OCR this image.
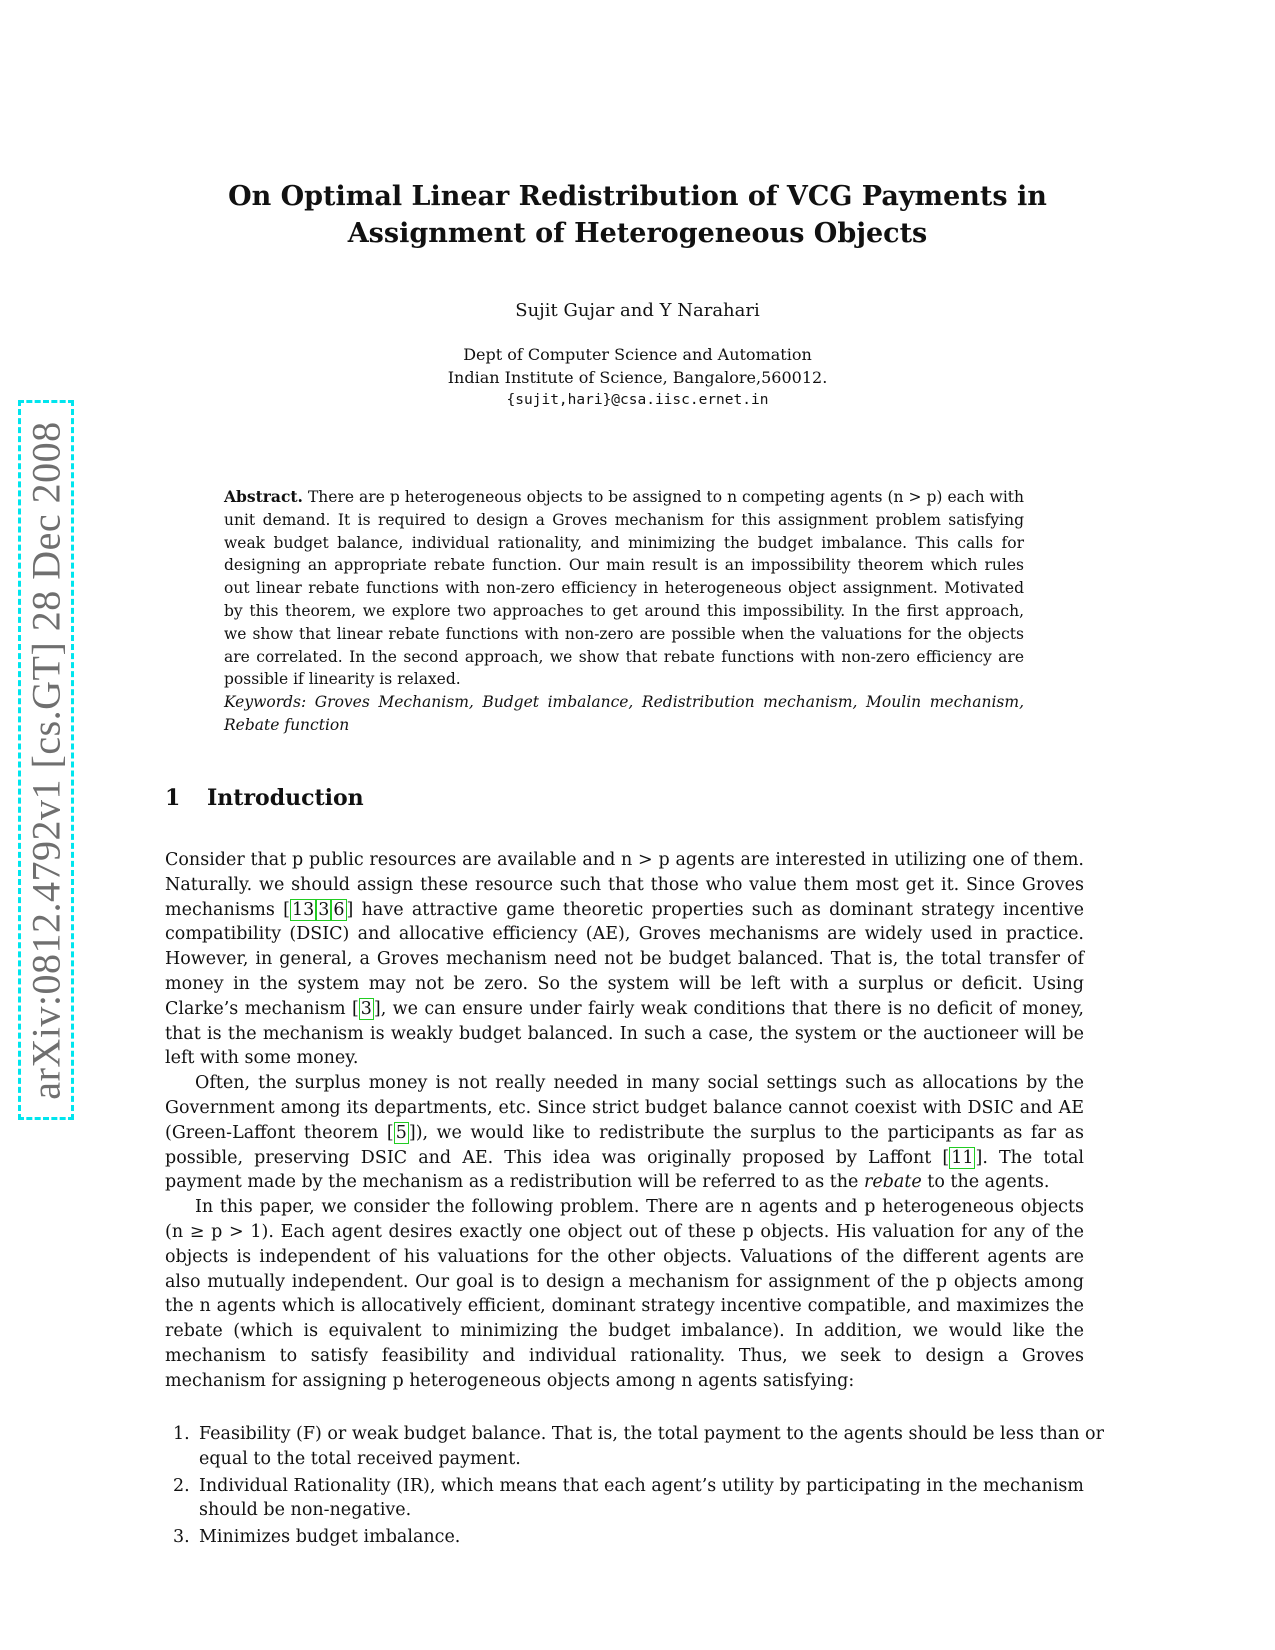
arXiv:0812.4792v1 [cs.GT] 28 Dec 2008
On Optimal Linear Redistribution of VCG Payments in
Assignment of Heterogeneous Objects
Sujit Gujar and Y Narahari
Dept of Computer Science and Automation
Indian Institute of Science, Bangalore,560012.
{sujit,hari}@csa.iisc.ernet.in
Abstract. There are p heterogeneous objects to be assigned to n competing agents (n > p) each with unit demand. It is required to design a Groves mechanism for this assignment problem satisfying weak budget balance, individual rationality, and minimizing the budget imbalance. This calls for designing an appropriate rebate function. Our main result is an impossibility theorem which rules out linear rebate functions with non-zero efficiency in heterogeneous object assignment. Motivated by this theorem, we explore two approaches to get around this impossibility. In the first approach, we show that linear rebate functions with non-zero are possible when the valuations for the objects are correlated. In the second approach, we show that rebate functions with non-zero efficiency are possible if linearity is relaxed.
Keywords: Groves Mechanism, Budget imbalance, Redistribution mechanism, Moulin mechanism, Rebate function
1 Introduction

Consider that p public resources are available and n > p agents are interested in utilizing one of them. Naturally. we should assign these resource such that those who value them most get it. Since Groves mechanisms [ 13 3 6 ] have attractive game theoretic properties such as dominant strategy incentive compatibility (DSIC) and allocative efficiency (AE), Groves mechanisms are widely used in practice. However, in general, a Groves mechanism need not be budget balanced. That is, the total transfer of money in the system may not be zero. So the system will be left with a surplus or deficit. Using Clarke’s mechanism [ 3 ], we can ensure under fairly weak conditions that there is no deficit of money, that is the mechanism is weakly budget balanced. In such a case, the system or the auctioneer will be left with some money.

Often, the surplus money is not really needed in many social settings such as allocations by the Government among its departments, etc. Since strict budget balance cannot coexist with DSIC and AE (Green-Laffont theorem [ 5 ]), we would like to redistribute the surplus to the participants as far as possible, preserving DSIC and AE. This idea was originally proposed by Laffont [ 11 ]. The total payment made by the mechanism as a redistribution will be referred to as the rebate to the agents.

In this paper, we consider the following problem. There are n agents and p heterogeneous objects (n ≥ p > 1). Each agent desires exactly one object out of these p objects. His valuation for any of the objects is independent of his valuations for the other objects. Valuations of the different agents are also mutually independent. Our goal is to design a mechanism for assignment of the p objects among the n agents which is allocatively efficient, dominant strategy incentive compatible, and maximizes the rebate (which is equivalent to minimizing the budget imbalance). In addition, we would like the mechanism to satisfy feasibility and individual rationality. Thus, we seek to design a Groves mechanism for assigning p heterogeneous objects among n agents satisfying:

1. Feasibility (F) or weak budget balance. That is, the total payment to the agents should be less than or equal to the total received payment.
2. Individual Rationality (IR), which means that each agent’s utility by participating in the mechanism
should be non-negative.
3. Minimizes budget imbalance.
